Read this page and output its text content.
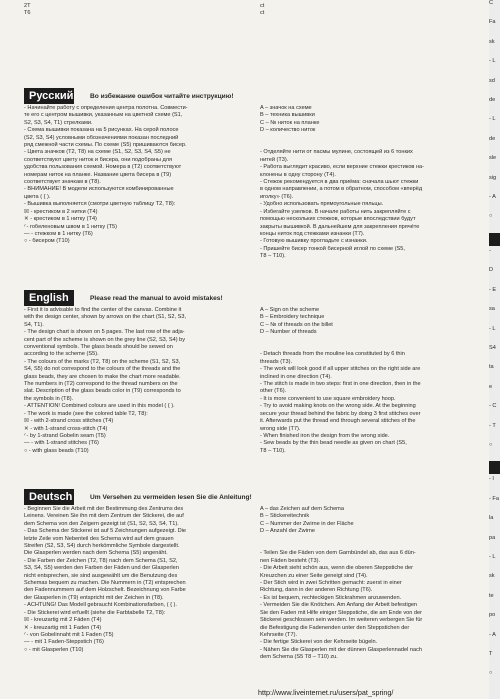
2T
T6
ct
ct
Русский	Во избежание ошибок читайте инструкцию!
- Начинайте работу с определения центра полотна. Совмести-
те его с центром вышивки, указанным на цветной схеме (S1,
S2, S3, S4, T1) стрелками.
- Схема вышивки показана на 5 рисунках. На серой полосе
(S2, S3, S4) условными обозначениями показан последний
ряд смежной части схемы. По схеме (S5) пришиваются бисер.
- Цвета значков (T2, T8) на схеме (S1, S2, S3, S4, S5) не
соответствуют цвету ниток и бисера, они подобраны для
удобства пользования схемой. Номера в (T2) соответствуют
номерам ниток на планке. Название цвета бисера в (T9)
соответствует значкам в (T8).
- ВНИМАНИЕ! В модели используются комбинированные
цвета ( { ).
- Вышивка выполняется (смотри цветную таблицу T2, T8):
☒ - крестиком в 2 нитки (T4)
✕ - крестиком в 1 нитку (T4)
⁄ - гобеленовым швом в 1 нитку (T5)
— - стежком в 1 нитку (T6)
○ - бисером (T10)
A – значок на схеме
B – техника вышивки
C – № ниток на планке
D – количество ниток

- Отделяйте нити от пасмы мулине, состоящей из 6 тонких
нитей (T3).
- Работа выглядит красиво, если верхние стежки крестиков на-
клонены в одну сторону (T4).
- Стежок рекомендуется в два приёма: сначала шьют стежки
в одном направлении, а потом в обратном, способом «вперёд
иголку» (T6).
- Удобно использовать прямоугольные пяльцы.
- Избегайте узелков. В начале работы нить закрепляйте с
помощью нескольких стежков, которые впоследствии будут
закрыты вышивкой. В дальнейшем для закрепления пряче́те
концы ниток под стежками изнанки (T7).
- Готовую вышивку прогладьте с изнанки.
- Пришейте бисер тонкой бисерной иглой по схеме (S5,
T8 – T10).
English	Please read the manual to avoid mistakes!
- First it is advisable to find the center of the canvas. Combine it
with the design center, shown by arrows on the chart (S1, S2, S3,
S4, T1).
- The design chart is shown on 5 pages. The last row of the adja-
cent part of the scheme is shown on the grey line (S2, S3, S4) by
conventional symbols. The glass beads should be sewed on
according to the scheme (S5).
- The colours of the marks (T2, T8) on the scheme (S1, S2, S3,
S4, S5) do not correspond to the colours of the threads and the
glass beads, they are chosen to make the chart more readable.
The numbers in (T2) correspond to the thread numbers on the
slat. Description of the glass beads color in (T9) corresponds to
the symbols in (T8).
- ATTENTION! Combined colours are used in this model ( { ).
- The work is made (see the colored table T2, T8):
☒ - with 2-strand cross stitches (T4)
✕ - with 1-strand cross-stitch (T4)
⁄ - by 1-strand Gobelin seam (T5)
— - with 1-strand stitches (T6)
○ - with glass beads (T10)
A – Sign on the scheme
B – Embroidery technique
C – № of threads on the billet
D – Number of threads

- Detach threads from the mouline lea constituted by 6 thin
threads (T3).
- The work will look good if all upper stitches on the right side are
inclined in one direction (T4).
- The stitch is made in two steps: first in one direction, then in the
other (T6).
- It is more convenient to use square embroidery hoop.
- Try to avoid making knots on the wrong side. At the beginning
secure your thread behind the fabric by doing 3 first stitches over
it. Afterwards put the thread end through several stitches of the
wrong side (T7).
- When finished iron the design from the wrong side.
- Sew beads by the thin bead needle as given on chart (S5,
T8 – T10).
Deutsch	Um Versehen zu vermeiden lesen Sie die Anleitung!
- Beginnen Sie die Arbeit mit der Bestimmung des Zentrums des
Leinens. Vereinen Sie ihn mit dem Zentrum der Stickerei, die auf
dem Schema von den Zeigern gezeigt ist (S1, S2, S3, S4, T1).
- Das Schema der Stickerei ist auf 5 Zeichnungen aufgezeigt. Die
letzte Zeile vom Nebenteil des Schema wird auf dem grauen
Streifen (S2, S3, S4) durch herkömmliche Symbole dargestellt.
Die Glasperlen werden nach dem Schema (S5) angenäht.
- Die Farben der Zeichen (T2, T8) nach dem Schema (S1, S2,
S3, S4, S5) werden den Farben der Fäden und der Glasperlen
nicht entsprechen, sie sind ausgewählt um die Benutzung des
Schemas bequem zu machen. Die Nummern in (T2) entsprechen
den Fadennummern auf dem Holzschelt. Bezeichnung von Farbe
der Glasperlen in (T9) entspricht mit der Zeichen in (T8).
- ACHTUNG! Das Modell gebraucht Kombinationsfarben, ( { ).
- Die Stickerei wird erfuellt (siehe die Farbtabelle T2, T8):
☒ - kreuzartig mit 2 Fäden (T4)
✕ - kreuzartig mit 1 Faden (T4)
⁄ - von Gobelinnaht mit 1 Faden (T5)
— - mit 1 Faden-Steppstich (T6)
○ - mit Glasperlen (T10)
A – das Zeichen auf dem Schema
B – Stickereitechnik
C – Nummer der Zwirne in der Fläche
D – Anzahl der Zwirne

- Teilen Sie die Fäden von dem Garnbündel ab, das aus 6 dün-
nen Fäden besteht (T3).
- Die Arbeit sieht schön aus, wenn die oberen Steppstiche der
Kreuzchen zu einer Seite geneigt sind (T4).
- Der Stich wird in zwei Schritten gemacht: zuerst in einer
Richtung, dann in der anderen Richtung (T6).
- Es ist bequem, rechteckigen Stickrahmen anzuwenden.
- Vermeiden Sie die Knötchen. Am Anfang der Arbeit befestigen
Sie den Faden mit Hilfe einiger Steppstiche, die am Ende von der
Stickerei geschlossen sein werden. Im weiteren verbergen Sie für
die Befestigung die Fadenenden unter den Steppstichen der
Kehrseite (T7).
- Die fertige Stickerei von der Kehrseite bügeln.
- Nähen Sie die Glasperlen mit der dünnen Glasperlennadel nach
dem Schema (S5 T8 – T10) zu.
C
Fa
sk
- L
sd
de
- L
de
sle
sig
- A
○
-
D
- E
sa
- L
S4
ta
e
- C
- T
○
- I
- Fa
la
pa
- L
sk
te
po
- A
T
○
http://www.liveinternet.ru/users/pat_spring/
